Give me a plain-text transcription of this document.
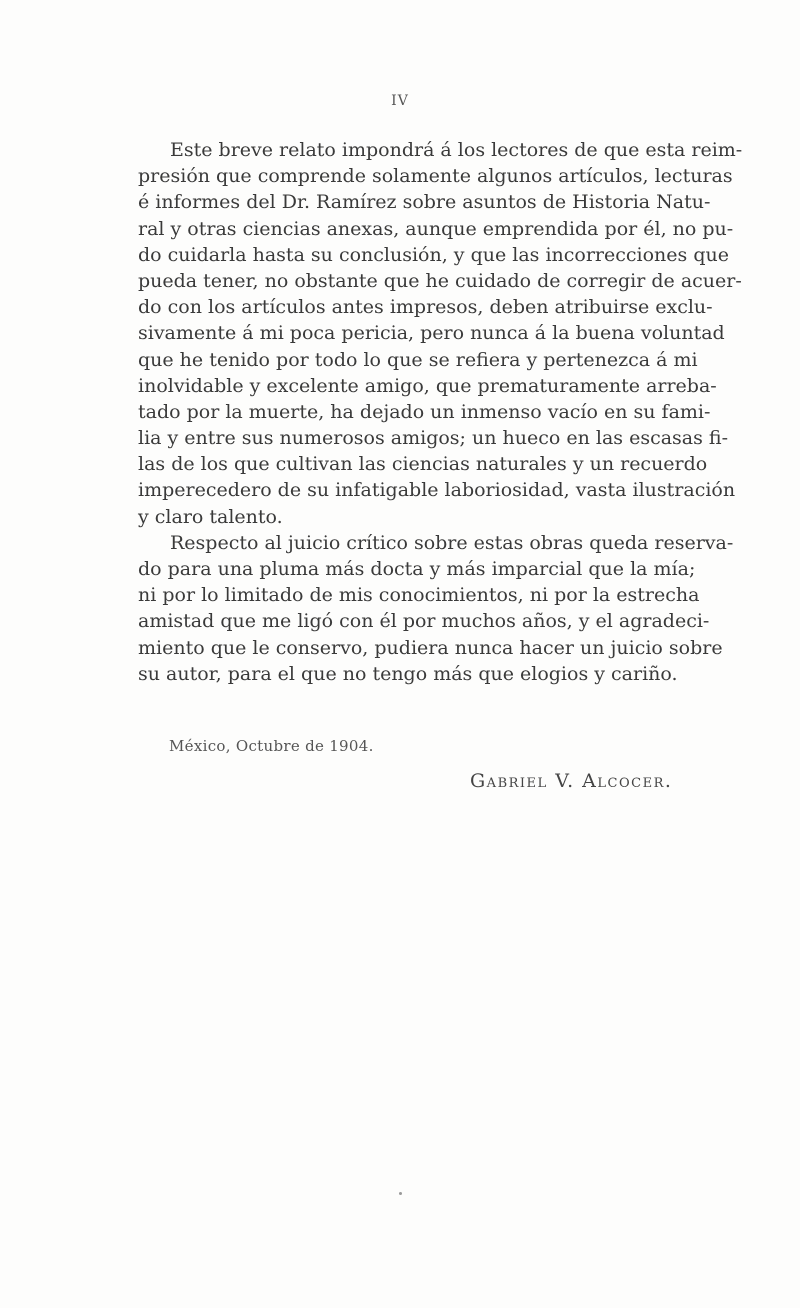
IV
Este breve relato impondrá á los lectores de que esta reim-
presión que comprende solamente algunos artículos, lecturas
é informes del Dr. Ramírez sobre asuntos de Historia Natu-
ral y otras ciencias anexas, aunque emprendida por él, no pu-
do cuidarla hasta su conclusión, y que las incorrecciones que
pueda tener, no obstante que he cuidado de corregir de acuer-
do con los artículos antes impresos, deben atribuirse exclu-
sivamente á mi poca pericia, pero nunca á la buena voluntad
que he tenido por todo lo que se refiera y pertenezca á mi
inolvidable y excelente amigo, que prematuramente arreba-
tado por la muerte, ha dejado un inmenso vacío en su fami-
lia y entre sus numerosos amigos; un hueco en las escasas fi-
las de los que cultivan las ciencias naturales y un recuerdo
imperecedero de su infatigable laboriosidad, vasta ilustración
y claro talento.
Respecto al juicio crítico sobre estas obras queda reserva-
do para una pluma más docta y más imparcial que la mía;
ni por lo limitado de mis conocimientos, ni por la estrecha
amistad que me ligó con él por muchos años, y el agradeci-
miento que le conservo, pudiera nunca hacer un juicio sobre
su autor, para el que no tengo más que elogios y cariño.
México, Octubre de 1904.
Gabriel V. Alcocer.
